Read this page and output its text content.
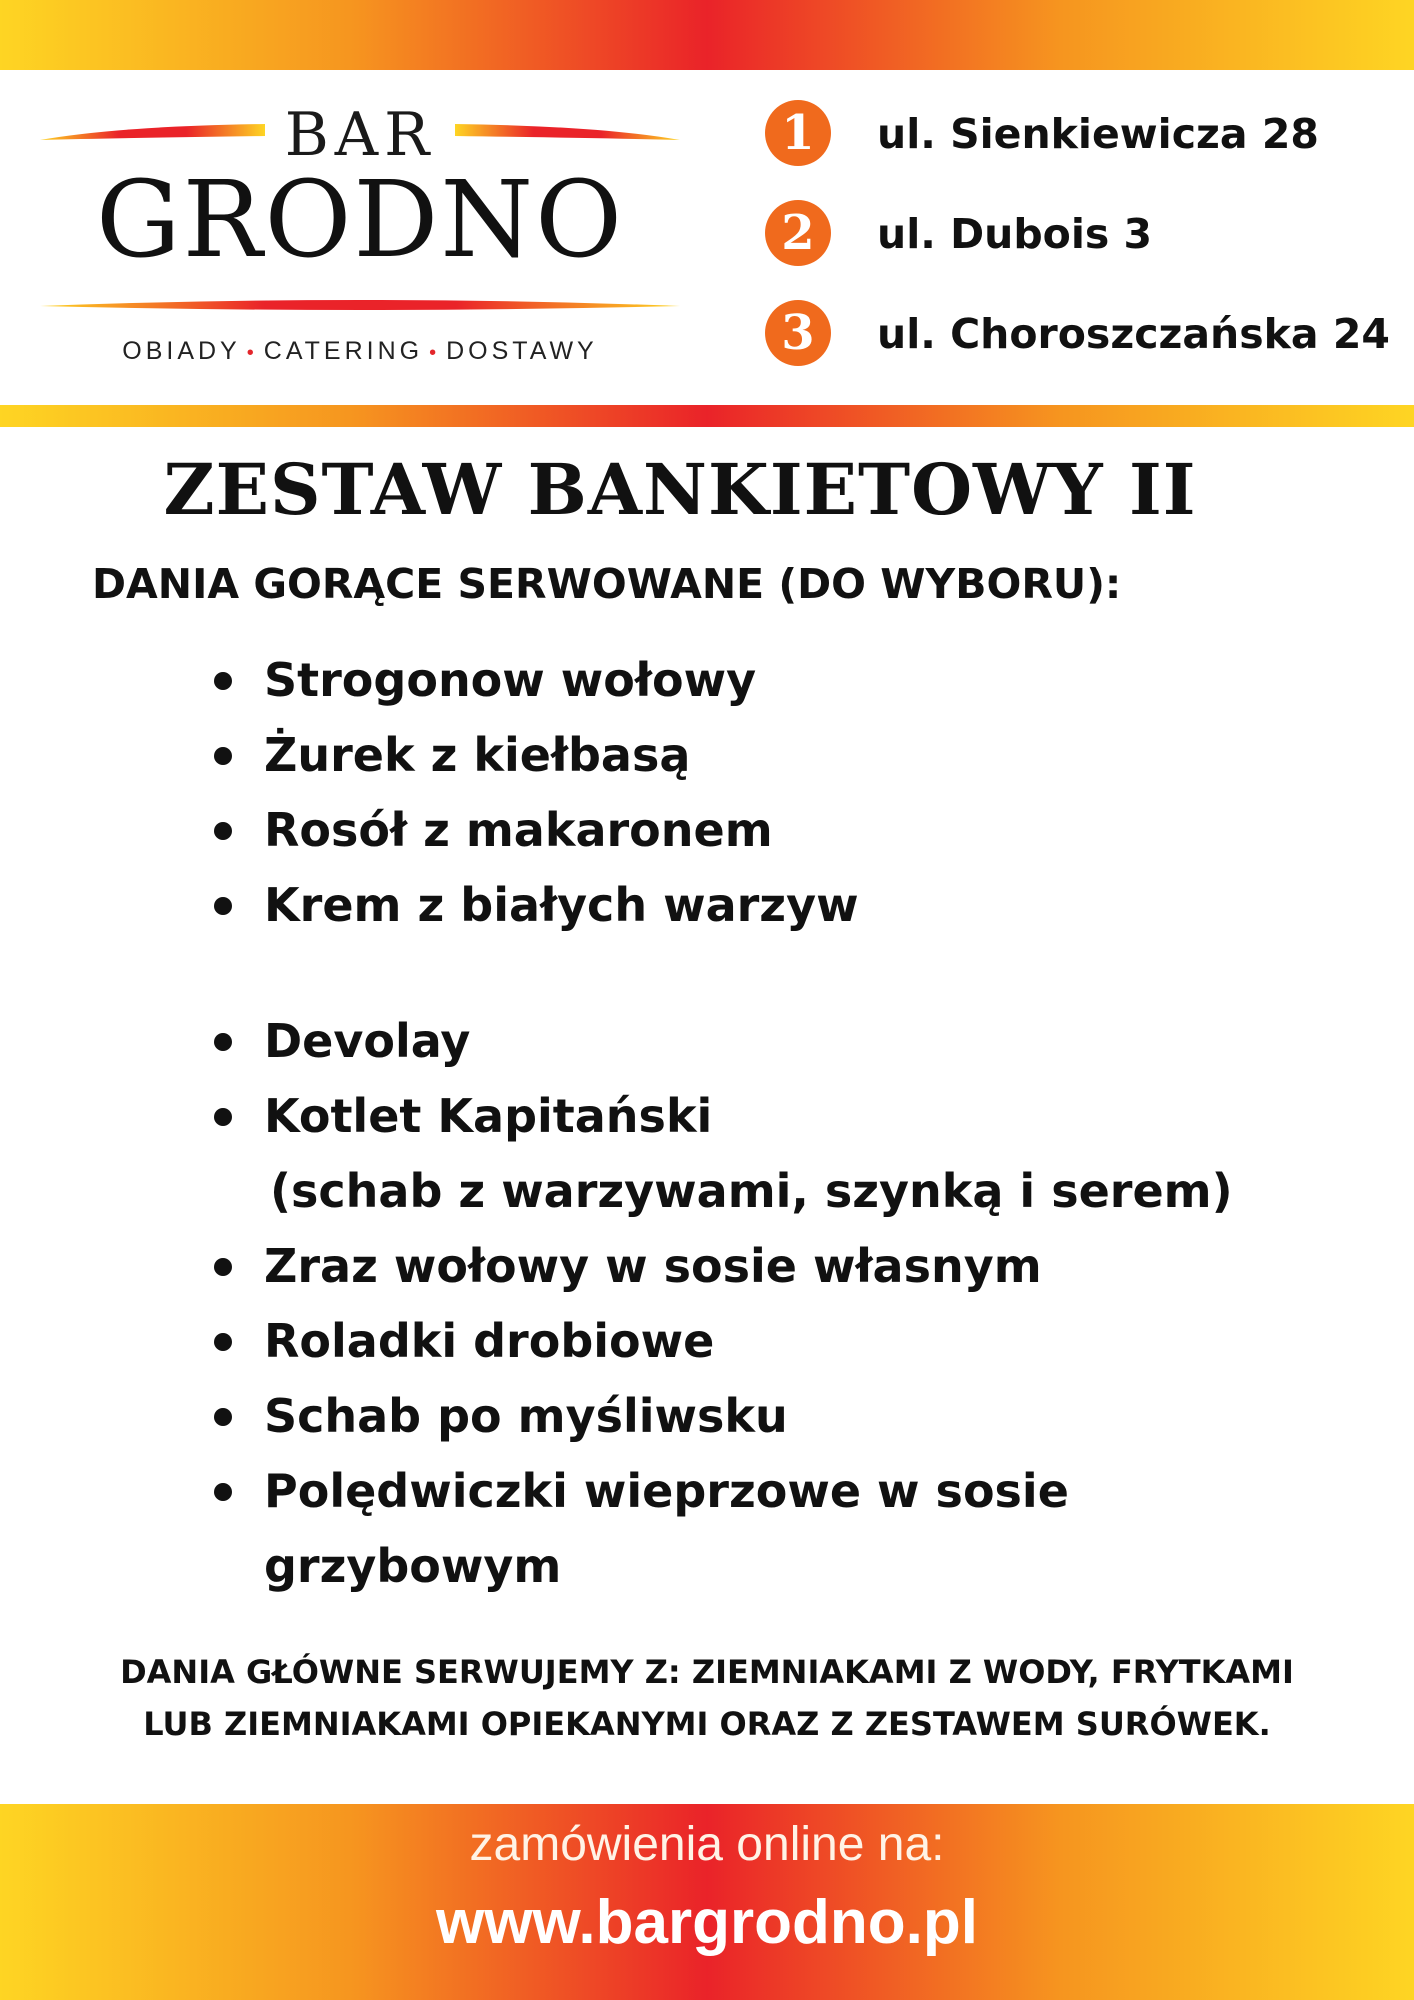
BAR
GRODNO
OBIADY • CATERING • DOSTAWY
1	ul. Sienkiewicza 28
2	ul. Dubois 3
3	ul. Choroszczańska 24
ZESTAW BANKIETOWY II
DANIA GORĄCE SERWOWANE (DO WYBORU):
Strogonow wołowy
Żurek z kiełbasą
Rosół z makaronem
Krem z białych warzyw
Devolay
Kotlet Kapitański
(schab z warzywami, szynką i serem)
Zraz wołowy w sosie własnym
Roladki drobiowe
Schab po myśliwsku
Polędwiczki wieprzowe w sosie
grzybowym
DANIA GŁÓWNE SERWUJEMY Z: ZIEMNIAKAMI Z WODY, FRYTKAMI
LUB ZIEMNIAKAMI OPIEKANYMI ORAZ Z ZESTAWEM SURÓWEK.
zamówienia online na:
www.bargrodno.pl
